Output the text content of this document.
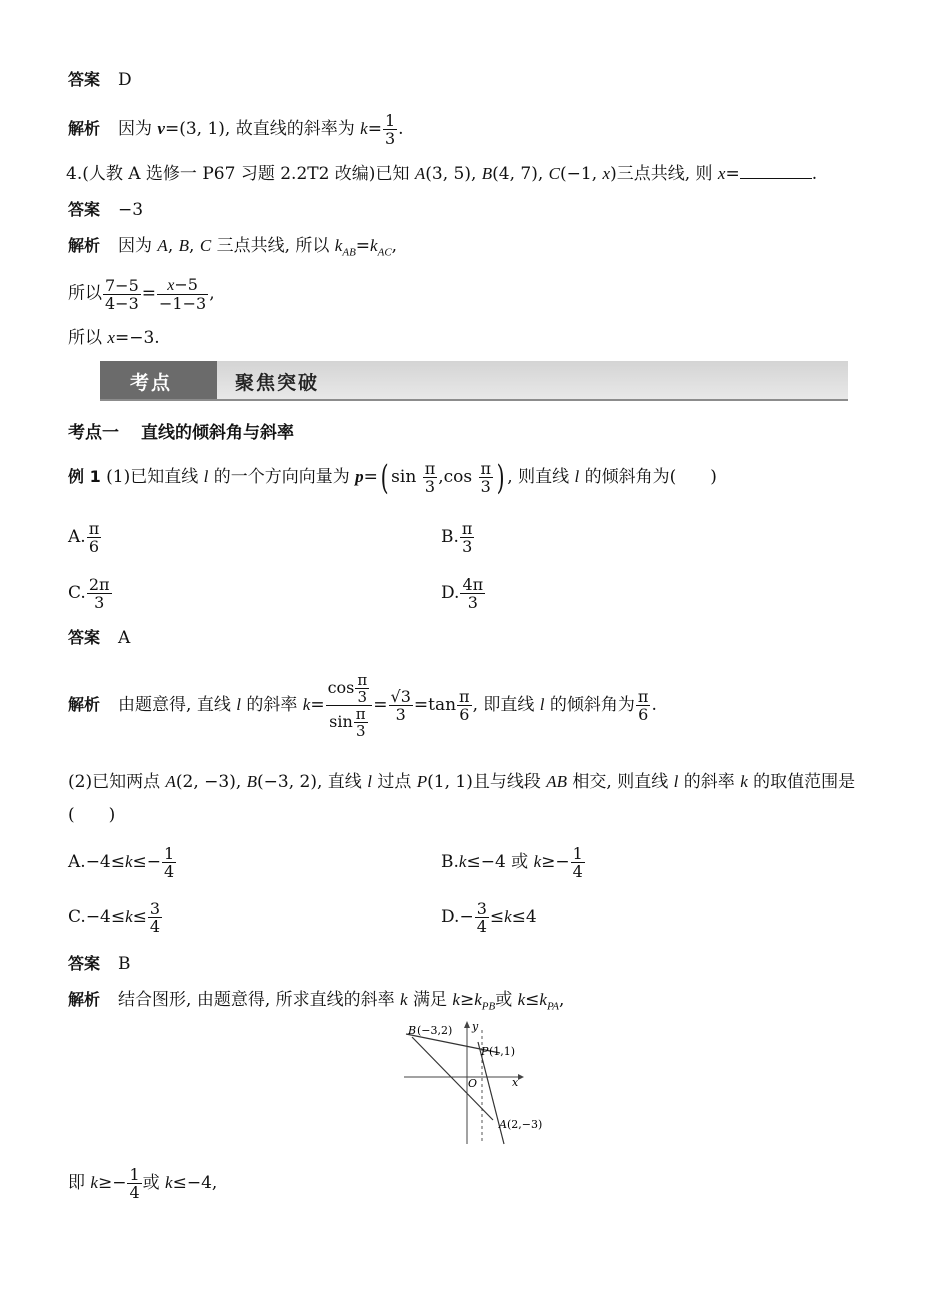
答案 D
解析 因为 v=(3, 1), 故直线的斜率为 $k= \frac{1}{3}$ .
4.(人教 A 选修一 P67 习题 2.2T2 改编)已知 A(3, 5), B(4, 7), C(−1, x)三点共线, 则 x=	.
答案 −3
解析 因为 A, B, C 三点共线, 所以 $k_{AB}=k_{AC}$,
所以 $\frac{7-5}{4-3} = \frac{x-5}{-1-3}$ ,
所以 x=−3.
考点	聚焦突破
考点一 直线的倾斜角与斜率
例 1 (1)已知直线 l 的一个方向向量为 p=( $\sin \frac{\pi}{3} ,\cos \frac{\pi}{3}$ ) , 则直线 l 的倾斜角为(　　)
A. $\frac{\pi}{6}$	B. $\frac{\pi}{3}$
C. $\frac{2\pi}{3}$	D. $\frac{4\pi}{3}$
答案 A
解析 由题意得, 直线 l 的斜率 $k= \frac{\cos \frac{\pi}{3}}{\sin \frac{\pi}{3}} = \frac{√3}{3} =\tan \frac{\pi}{6}$ , 即直线 l 的倾斜角为 $\frac{\pi}{6}$ .
(2)已知两点 A(2, −3), B(−3, 2), 直线 l 过点 P(1, 1)且与线段 AB 相交, 则直线 l 的斜率 k 的取值范围是
(　　)
$A.-4\le k\le- \frac{1}{4}$	B.k≤−4 或 $k\ge- \frac{1}{4}$
$C.-4\le k\le \frac{3}{4}$	$D.- \frac{3}{4} \le k\le 4$
答案 B
解析 结合图形, 由题意得, 所求直线的斜率 k 满足 $k\ge k_{PB}$或 $k\le k_{PA}$,
B (−3,2) y
P (1,1)
O	x
A (2,−3)
即 $k\ge- \frac{1}{4}$ 或 k≤−4,
